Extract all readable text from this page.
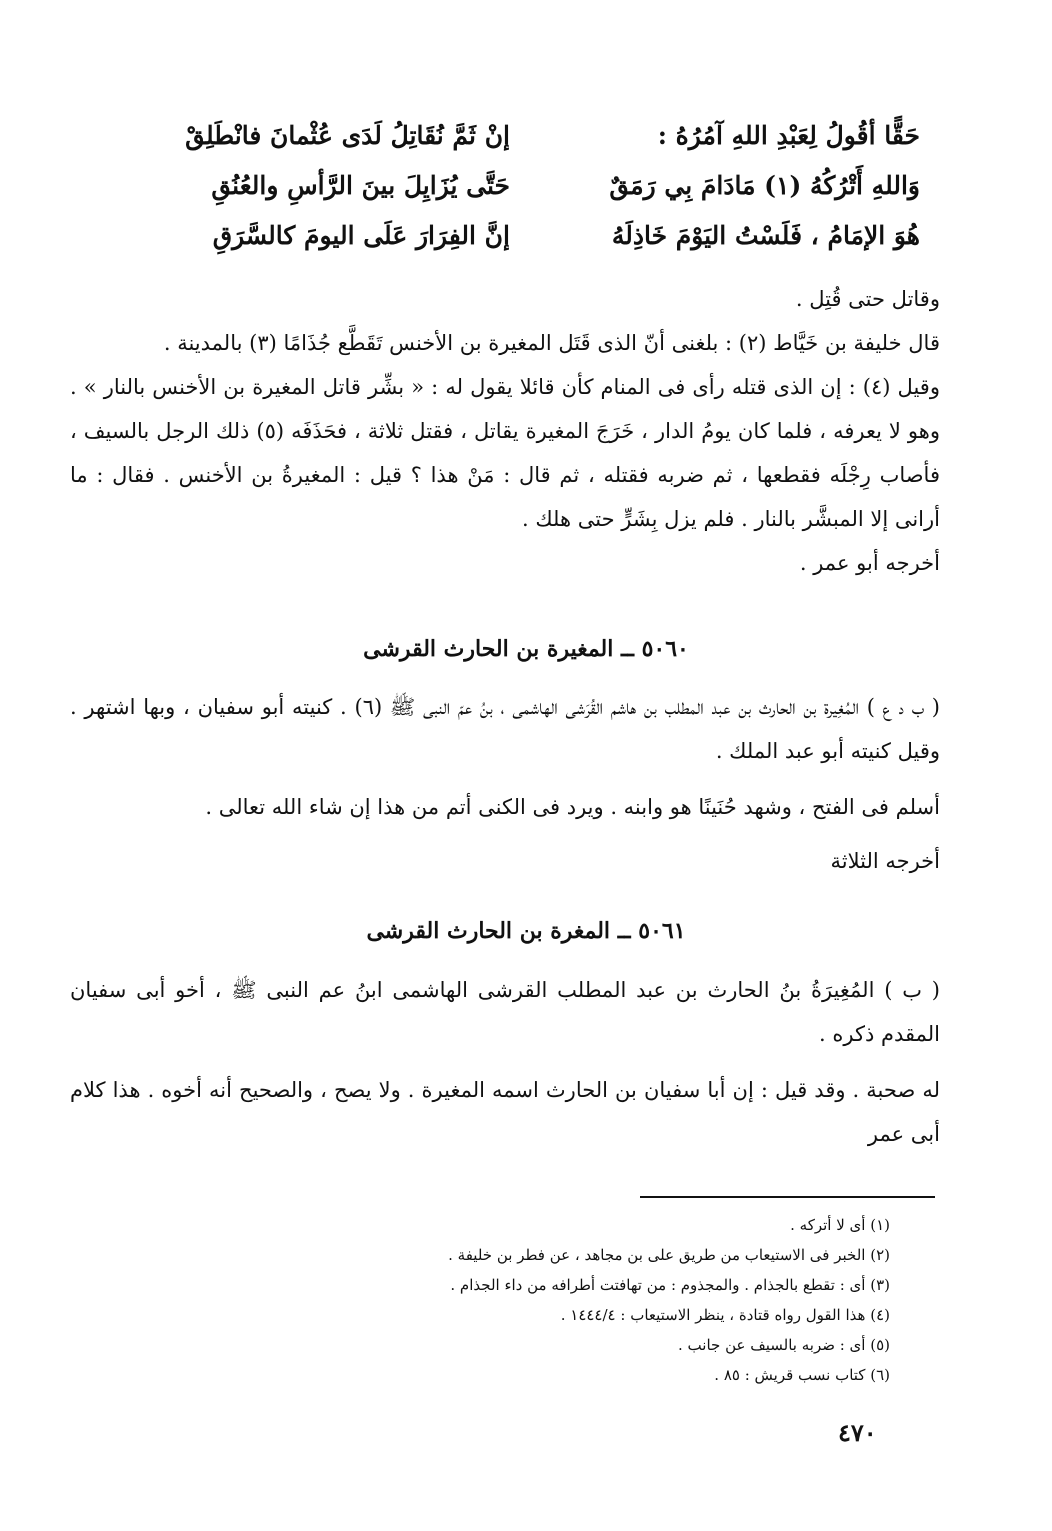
حَقًّا أقُولُ لِعَبْدِ اللهِ آمُرُهُ :
إنْ ثَمَّ نُقَاتِلُ لَدَى عُثْمانَ فانْطَلِقْ
وَاللهِ أَتْرُكُهُ (١) مَادَامَ بِي رَمَقٌ
حَتَّى يُزَايِلَ بينَ الرَّأسِ والعُنُقِ
هُوَ الإمَامُ ، فَلَسْتُ اليَوْمَ خَاذِلَهُ
إنَّ الفِرَارَ عَلَى اليومَ كالسَّرَقِ

وقاتل حتى قُتِل .

قال خليفة بن خَيَّاط (٢) : بلغنى أنّ الذى قَتَل المغيرة بن الأخنس تَقَطَّع جُذَامًا (٣) بالمدينة .

وقيل (٤) : إن الذى قتله رأى فى المنام كأن قائلا يقول له : « بشِّر قاتل المغيرة بن الأخنس بالنار » . وهو لا يعرفه ، فلما كان يومُ الدار ، خَرَجَ المغيرة يقاتل ، فقتل ثلاثة ، فحَذَفَه (٥) ذلك الرجل بالسيف ، فأصاب رِجْلَه فقطعها ، ثم ضربه فقتله ، ثم قال : مَنْ هذا ؟ قيل : المغيرةُ بن الأخنس . فقال : ما أرانى إلا المبشَّر بالنار . فلم يزل بِشَرٍّ حتى هلك .

أخرجه أبو عمر .

٥٠٦٠ ــ المغيرة بن الحارث القرشى

( ب د ع ) المُغِيرة بن الحارث بن عبد المطلب بن هاشم القُرَشى الهاشمى ، بنُ عمّ النبى ﷺ (٦) . كنيته أبو سفيان ، وبها اشتهر . وقيل كنيته أبو عبد الملك .

أسلم فى الفتح ، وشهد حُنَينًا هو وابنه . ويرد فى الكنى أتم من هذا إن شاء الله تعالى .

أخرجه الثلاثة

٥٠٦١ ــ المغرة بن الحارث القرشى

( ب ) المُغِيرَةُ بنُ الحارث بن عبد المطلب القرشى الهاشمى ابنُ عم النبى ﷺ ، أخو أبى سفيان المقدم ذكره .

له صحبة . وقد قيل : إن أبا سفيان بن الحارث اسمه المغيرة . ولا يصح ، والصحيح أنه أخوه . هذا كلام أبى عمر

(١) أى لا أتركه .
(٢) الخبر فى الاستيعاب من طريق على بن مجاهد ، عن فطر بن خليفة .
(٣) أى : تقطع بالجذام . والمجذوم : من تهافتت أطرافه من داء الجذام .
(٤) هذا القول رواه قتادة ، ينظر الاستيعاب : ١٤٤٤/٤ .
(٥) أى : ضربه بالسيف عن جانب .
(٦) كتاب نسب قريش : ٨٥ .
٤٧٠
